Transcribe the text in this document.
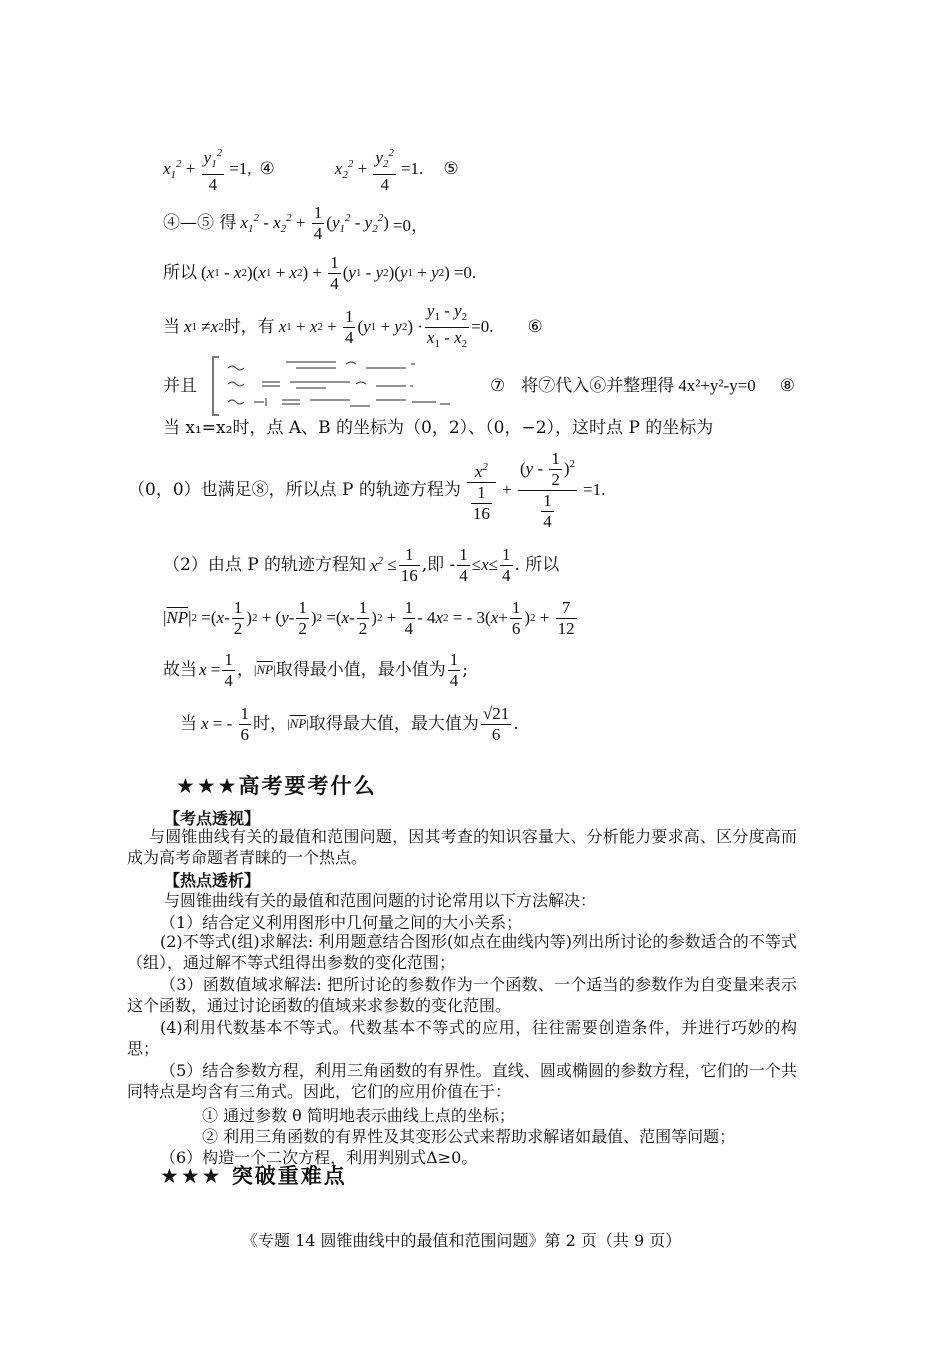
$x_1^2 + \frac{y_1^2}{4} =1$, ④	$x_2^2 + \frac{y_2^2}{4} =1$. ⑤
④—⑤ 得 $x_1^2 - x_2^2 + \frac{1}{4}$ ( $y_1^2 - y_2^2$ ) =0，
所以 ( x 1 - x 2 )( x 1 + x 2 ) + $\frac{1}{4}$ ( y 1 - y 2 )( y 1 + y 2 ) =0.
当 x 1 ≠ x 2 时，有 x 1 + x $2 + \frac{1}{4}$ ( y 1 + y 2 ) · $\frac{y_1 - y_2}{x_1 - x_2} =0$. ⑥
并且	⑦ 将⑦代入⑥并整理得 4x²+y²-y=0 ⑧
当 x₁=x₂时，点 A、B 的坐标为（0，2）、（0，−2），这时点 P 的坐标为
（0，0）也满足⑧，所以点 P 的轨迹方程为 $\frac{x^2}{\frac{1}{16}} + \frac{(y - \frac{1}{2} )^2}{\frac{1}{4}} =1$.
（2）由点 P 的轨迹方程知 $x^2 \le \frac{1}{16}$ ,即 - $\frac{1}{4} \le x \le \frac{1}{4}$ . 所以
| $\overline{NP}$ | 2 =( x - $\frac{1}{2}$ ) 2 + ( y - $\frac{1}{2}$ ) 2 =( x - $\frac{1}{2}$ ) $2 + \frac{1}{4} - 4$ x 2 = - 3( $x + \frac{1}{6}$ ) $2 + \frac{7}{12}$
故当 $x = \frac{1}{4}$ ， | $\overline{NP}$ | 取得最小值，最小值为 $\frac{1}{4}$ ;
当 x = - $\frac{1}{6}$ 时， | $\overline{NP}$ | 取得最大值，最大值为 $\frac{√21}{6}$ .
★★★高考要考什么
【考点透视】
与圆锥曲线有关的最值和范围问题，因其考查的知识容量大、分析能力要求高、区分度高而成为高考命题者青睐的一个热点。
【热点透析】
与圆锥曲线有关的最值和范围问题的讨论常用以下方法解决：
（1）结合定义利用图形中几何量之间的大小关系；
(2)不等式(组)求解法: 利用题意结合图形(如点在曲线内等)列出所讨论的参数适合的不等式（组），通过解不等式组得出参数的变化范围；
（3）函数值域求解法: 把所讨论的参数作为一个函数、一个适当的参数作为自变量来表示这个函数，通过讨论函数的值域来求参数的变化范围。
(4)利用代数基本不等式。代数基本不等式的应用，往往需要创造条件，并进行巧妙的构思；
（5）结合参数方程，利用三角函数的有界性。直线、圆或椭圆的参数方程，它们的一个共同特点是均含有三角式。因此，它们的应用价值在于：
① 通过参数 θ 简明地表示曲线上点的坐标；
② 利用三角函数的有界性及其变形公式来帮助求解诸如最值、范围等问题；
（6）构造一个二次方程，利用判别式Δ≥0。
★★★ 突破重难点
《专题 14 圆锥曲线中的最值和范围问题》第 2 页（共 9 页）
